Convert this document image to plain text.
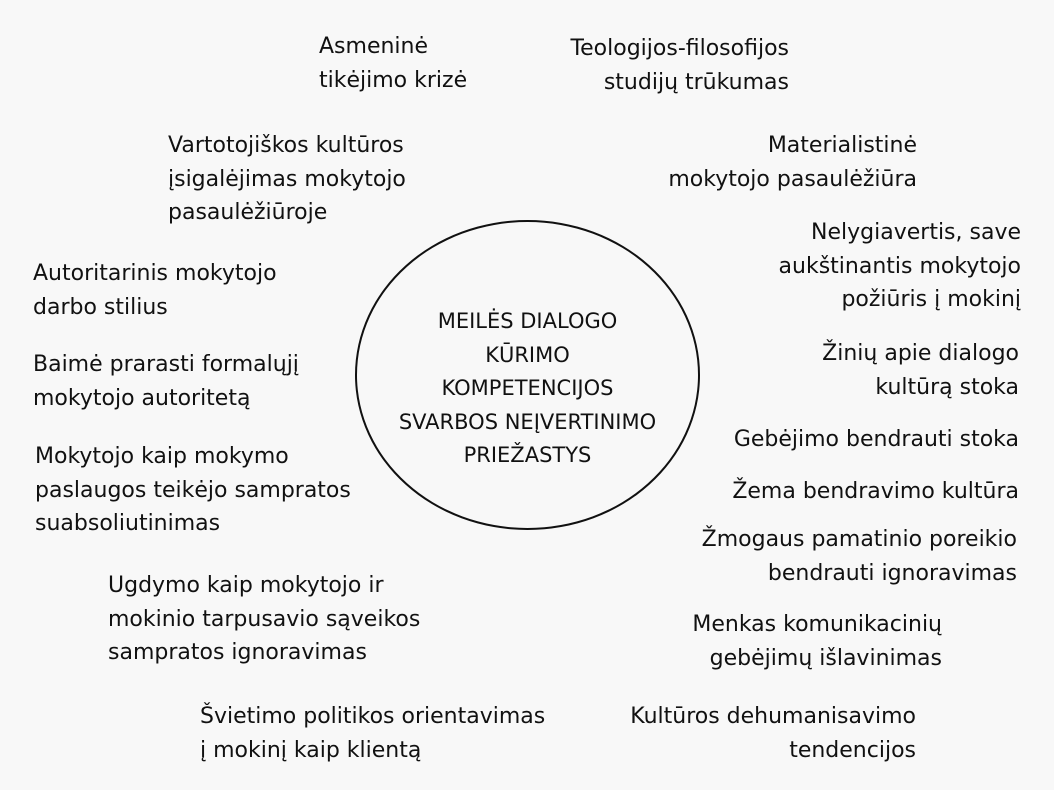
MEILĖS DIALOGO
KŪRIMO
KOMPETENCIJOS
SVARBOS NEĮVERTINIMO
PRIEŽASTYS
Asmeninė
tikėjimo krizė
Teologijos-filosofijos
studijų trūkumas
Vartotojiškos kultūros
įsigalėjimas mokytojo
pasaulėžiūroje
Autoritarinis mokytojo
darbo stilius
Baimė prarasti formalųjį
mokytojo autoritetą
Mokytojo kaip mokymo
paslaugos teikėjo sampratos
suabsoliutinimas
Ugdymo kaip mokytojo ir
mokinio tarpusavio sąveikos
sampratos ignoravimas
Švietimo politikos orientavimas
į mokinį kaip klientą
Materialistinė
mokytojo pasaulėžiūra
Nelygiavertis, save
aukštinantis mokytojo
požiūris į mokinį
Žinių apie dialogo
kultūrą stoka
Gebėjimo bendrauti stoka
Žema bendravimo kultūra
Žmogaus pamatinio poreikio
bendrauti ignoravimas
Menkas komunikacinių
gebėjimų išlavinimas
Kultūros dehumanisavimo
tendencijos
